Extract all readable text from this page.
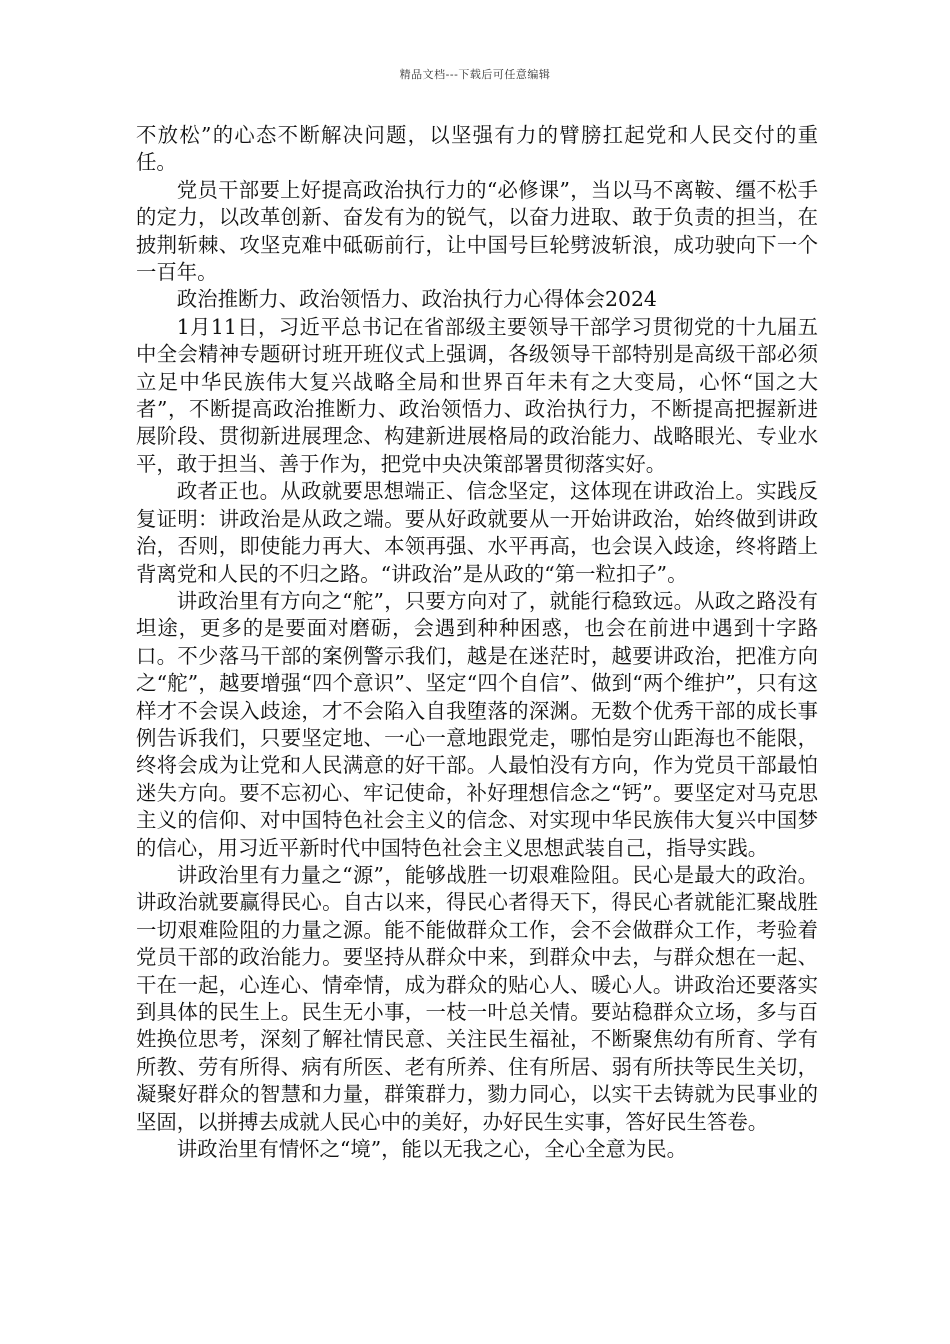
精品文档---下载后可任意编辑

不放松”的心态不断解决问题，以坚强有力的臂膀扛起党和人民交付的重任。

党员干部要上好提高政治执行力的“必修课”，当以马不离鞍、缰不松手的定力，以改革创新、奋发有为的锐气，以奋力进取、敢于负责的担当，在披荆斩棘、攻坚克难中砥砺前行，让中国号巨轮劈波斩浪，成功驶向下一个一百年。

政治推断力、政治领悟力、政治执行力心得体会2024

1月11日，习近平总书记在省部级主要领导干部学习贯彻党的十九届五中全会精神专题研讨班开班仪式上强调，各级领导干部特别是高级干部必须立足中华民族伟大复兴战略全局和世界百年未有之大变局，心怀“国之大者”，不断提高政治推断力、政治领悟力、政治执行力，不断提高把握新进展阶段、贯彻新进展理念、构建新进展格局的政治能力、战略眼光、专业水平，敢于担当、善于作为，把党中央决策部署贯彻落实好。

政者正也。从政就要思想端正、信念坚定，这体现在讲政治上。实践反复证明：讲政治是从政之端。要从好政就要从一开始讲政治，始终做到讲政治，否则，即使能力再大、本领再强、水平再高，也会误入歧途，终将踏上背离党和人民的不归之路。“讲政治”是从政的“第一粒扣子”。

讲政治里有方向之“舵”，只要方向对了，就能行稳致远。从政之路没有坦途，更多的是要面对磨砺，会遇到种种困惑，也会在前进中遇到十字路口。不少落马干部的案例警示我们，越是在迷茫时，越要讲政治，把准方向之“舵”，越要增强“四个意识”、坚定“四个自信”、做到“两个维护”，只有这样才不会误入歧途，才不会陷入自我堕落的深渊。无数个优秀干部的成长事例告诉我们，只要坚定地、一心一意地跟党走，哪怕是穷山距海也不能限，终将会成为让党和人民满意的好干部。人最怕没有方向，作为党员干部最怕迷失方向。要不忘初心、牢记使命，补好理想信念之“钙”。要坚定对马克思主义的信仰、对中国特色社会主义的信念、对实现中华民族伟大复兴中国梦的信心，用习近平新时代中国特色社会主义思想武装自己，指导实践。

讲政治里有力量之“源”，能够战胜一切艰难险阻。民心是最大的政治。讲政治就要赢得民心。自古以来，得民心者得天下，得民心者就能汇聚战胜一切艰难险阻的力量之源。能不能做群众工作，会不会做群众工作，考验着党员干部的政治能力。要坚持从群众中来，到群众中去，与群众想在一起、干在一起，心连心、情牵情，成为群众的贴心人、暖心人。讲政治还要落实到具体的民生上。民生无小事，一枝一叶总关情。要站稳群众立场，多与百姓换位思考，深刻了解社情民意、关注民生福祉，不断聚焦幼有所育、学有所教、劳有所得、病有所医、老有所养、住有所居、弱有所扶等民生关切，凝聚好群众的智慧和力量，群策群力，勠力同心，以实干去铸就为民事业的坚固，以拼搏去成就人民心中的美好，办好民生实事，答好民生答卷。

讲政治里有情怀之“境”，能以无我之心，全心全意为民。
